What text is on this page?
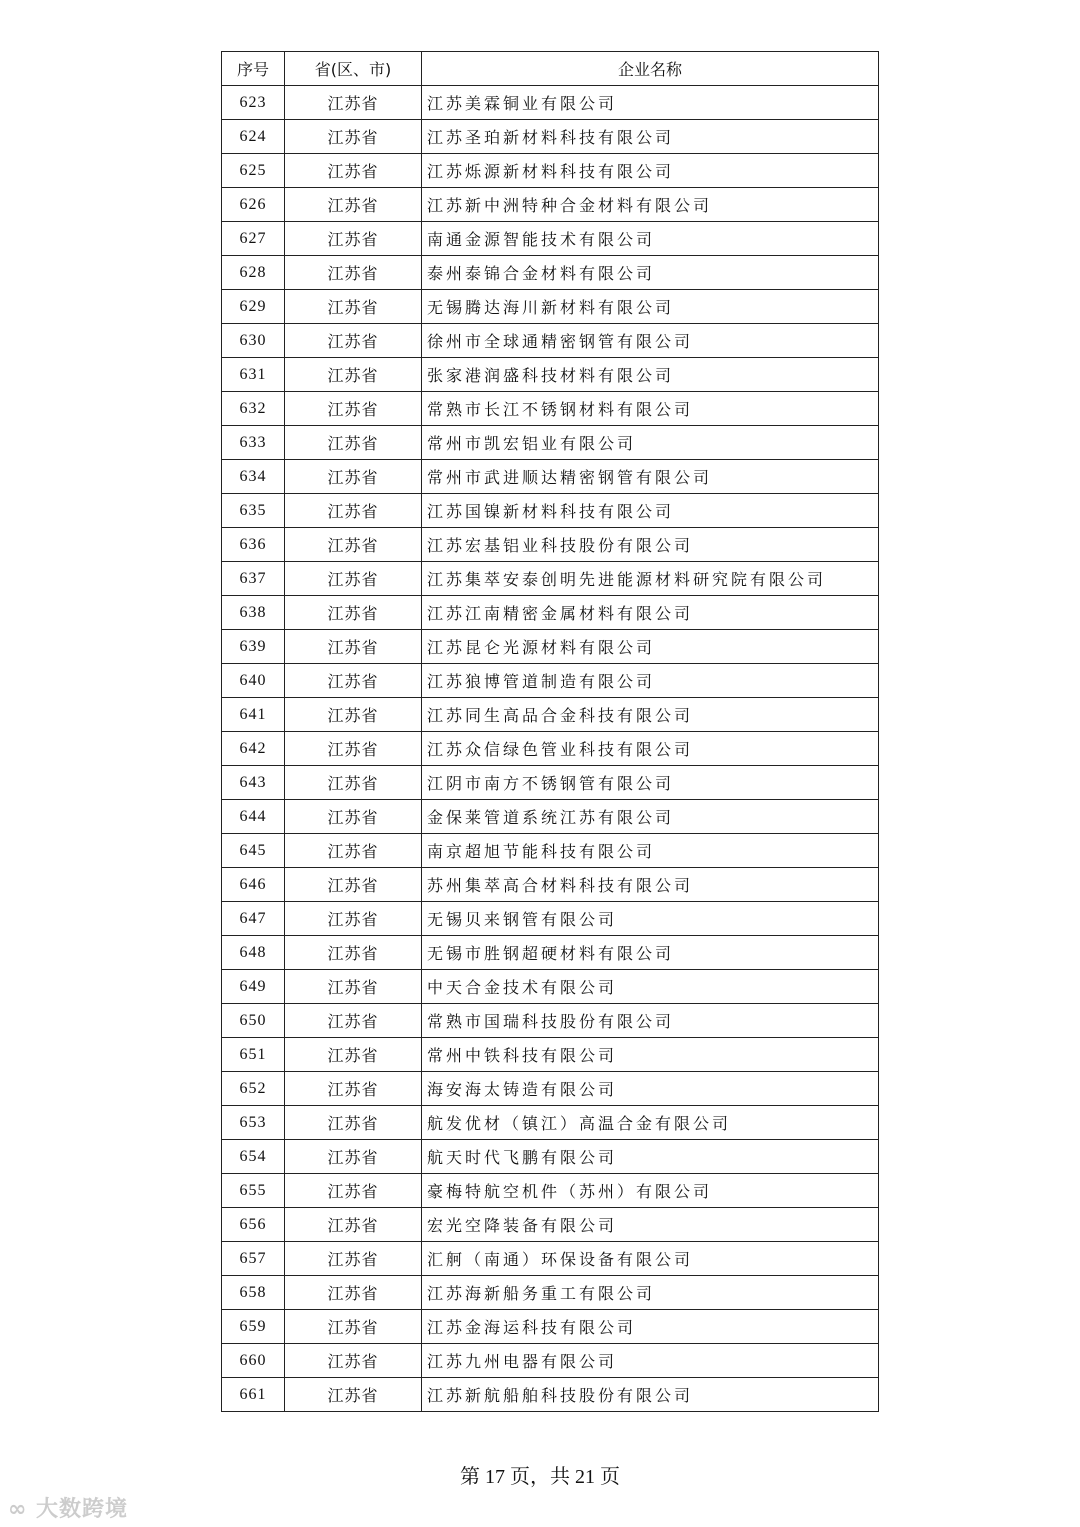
序号	省(区、市)	企业名称
623	江苏省	江苏美霖铜业有限公司
624	江苏省	江苏圣珀新材料科技有限公司
625	江苏省	江苏烁源新材料科技有限公司
626	江苏省	江苏新中洲特种合金材料有限公司
627	江苏省	南通金源智能技术有限公司
628	江苏省	泰州泰锦合金材料有限公司
629	江苏省	无锡腾达海川新材料有限公司
630	江苏省	徐州市全球通精密钢管有限公司
631	江苏省	张家港润盛科技材料有限公司
632	江苏省	常熟市长江不锈钢材料有限公司
633	江苏省	常州市凯宏铝业有限公司
634	江苏省	常州市武进顺达精密钢管有限公司
635	江苏省	江苏国镍新材料科技有限公司
636	江苏省	江苏宏基铝业科技股份有限公司
637	江苏省	江苏集萃安泰创明先进能源材料研究院有限公司
638	江苏省	江苏江南精密金属材料有限公司
639	江苏省	江苏昆仑光源材料有限公司
640	江苏省	江苏狼博管道制造有限公司
641	江苏省	江苏同生高品合金科技有限公司
642	江苏省	江苏众信绿色管业科技有限公司
643	江苏省	江阴市南方不锈钢管有限公司
644	江苏省	金保莱管道系统江苏有限公司
645	江苏省	南京超旭节能科技有限公司
646	江苏省	苏州集萃高合材料科技有限公司
647	江苏省	无锡贝来钢管有限公司
648	江苏省	无锡市胜钢超硬材料有限公司
649	江苏省	中天合金技术有限公司
650	江苏省	常熟市国瑞科技股份有限公司
651	江苏省	常州中铁科技有限公司
652	江苏省	海安海太铸造有限公司
653	江苏省	航发优材（镇江）高温合金有限公司
654	江苏省	航天时代飞鹏有限公司
655	江苏省	豪梅特航空机件（苏州）有限公司
656	江苏省	宏光空降装备有限公司
657	江苏省	汇舸（南通）环保设备有限公司
658	江苏省	江苏海新船务重工有限公司
659	江苏省	江苏金海运科技有限公司
660	江苏省	江苏九州电器有限公司
661	江苏省	江苏新航船舶科技股份有限公司
第 17 页，共 21 页
∞ 大数跨境
